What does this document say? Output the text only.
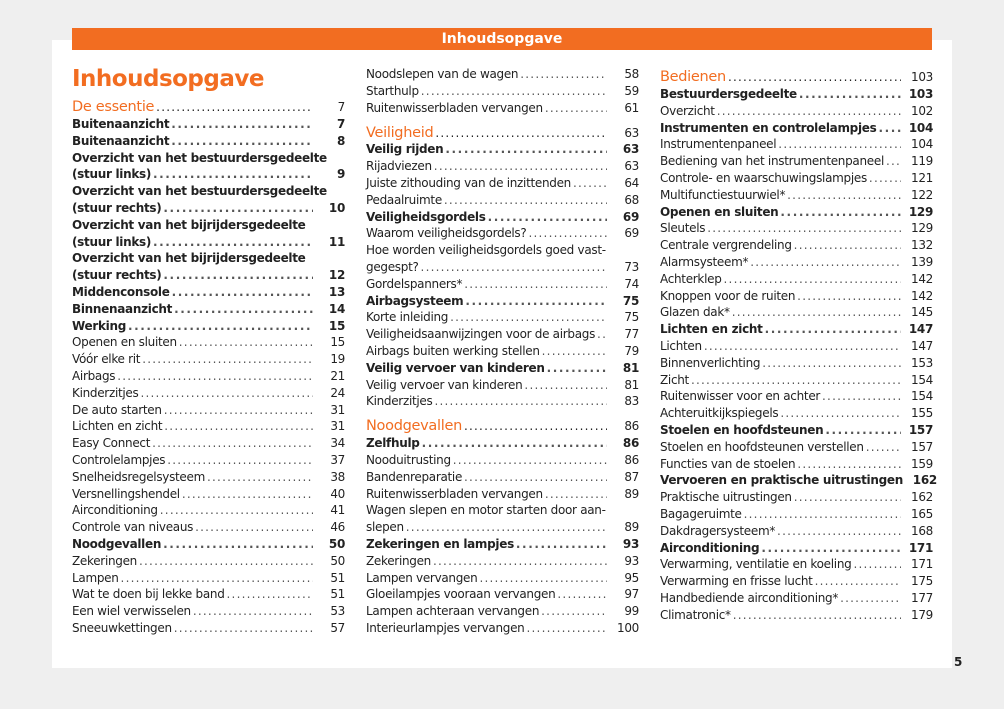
Inhoudsopgave
Inhoudsopgave
De essentie . . .	7
Buitenaanzicht . . .	7
Buitenaanzicht . . .	8
Overzicht van het bestuurdersgedeelte
(stuur links) . . .	9
Overzicht van het bestuurdersgedeelte
(stuur rechts) . . .	10
Overzicht van het bijrijdersgedeelte
(stuur links) . . .	11
Overzicht van het bijrijdersgedeelte
(stuur rechts) . . .	12
Middenconsole . . .	13
Binnenaanzicht . . .	14
Werking . . .	15
Openen en sluiten . . .	15
Vóór elke rit . . .	19
Airbags . . .	21
Kinderzitjes . . .	24
De auto starten . . .	31
Lichten en zicht . . .	31
Easy Connect . . .	34
Controlelampjes . . .	37
Snelheidsregelsysteem . . .	38
Versnellingshendel . . .	40
Airconditioning . . .	41
Controle van niveaus . . .	46
Noodgevallen . . .	50
Zekeringen . . .	50
Lampen . . .	51
Wat te doen bij lekke band . . .	51
Een wiel verwisselen . . .	53
Sneeuwkettingen . . .	57
Noodslepen van de wagen . . .	58
Starthulp . . .	59
Ruitenwisserbladen vervangen . . .	61
Veiligheid . . .	63
Veilig rijden . . .	63
Rijadviezen . . .	63
Juiste zithouding van de inzittenden . . .	64
Pedaalruimte . . .	68
Veiligheidsgordels . . .	69
Waarom veiligheidsgordels? . . .	69
Hoe worden veiligheidsgordels goed vast-
gegespt? . . .	73
Gordelspanners* . . .	74
Airbagsysteem . . .	75
Korte inleiding . . .	75
Veiligheidsaanwijzingen voor de airbags . . .	77
Airbags buiten werking stellen . . .	79
Veilig vervoer van kinderen . . .	81
Veilig vervoer van kinderen . . .	81
Kinderzitjes . . .	83
Noodgevallen . . .	86
Zelfhulp . . .	86
Nooduitrusting . . .	86
Bandenreparatie . . .	87
Ruitenwisserbladen vervangen . . .	89
Wagen slepen en motor starten door aan-
slepen . . .	89
Zekeringen en lampjes . . .	93
Zekeringen . . .	93
Lampen vervangen . . .	95
Gloeilampjes vooraan vervangen . . .	97
Lampen achteraan vervangen . . .	99
Interieurlampjes vervangen . . .	100
Bedienen . . .	103
Bestuurdersgedeelte . . .	103
Overzicht . . .	102
Instrumenten en controlelampjes . . .	104
Instrumentenpaneel . . .	104
Bediening van het instrumentenpaneel . . .	119
Controle- en waarschuwingslampjes . . .	121
Multifunctiestuurwiel* . . .	122
Openen en sluiten . . .	129
Sleutels . . .	129
Centrale vergrendeling . . .	132
Alarmsysteem* . . .	139
Achterklep . . .	142
Knoppen voor de ruiten . . .	142
Glazen dak* . . .	145
Lichten en zicht . . .	147
Lichten . . .	147
Binnenverlichting . . .	153
Zicht . . .	154
Ruitenwisser voor en achter . . .	154
Achteruitkijkspiegels . . .	155
Stoelen en hoofdsteunen . . .	157
Stoelen en hoofdsteunen verstellen . . .	157
Functies van de stoelen . . .	159
Vervoeren en praktische uitrustingen 162
Praktische uitrustingen . . .	162
Bagageruimte . . .	165
Dakdragersysteem* . . .	168
Airconditioning . . .	171
Verwarming, ventilatie en koeling . . .	171
Verwarming en frisse lucht . . .	175
Handbediende airconditioning* . . .	177
Climatronic* . . .	179
5
